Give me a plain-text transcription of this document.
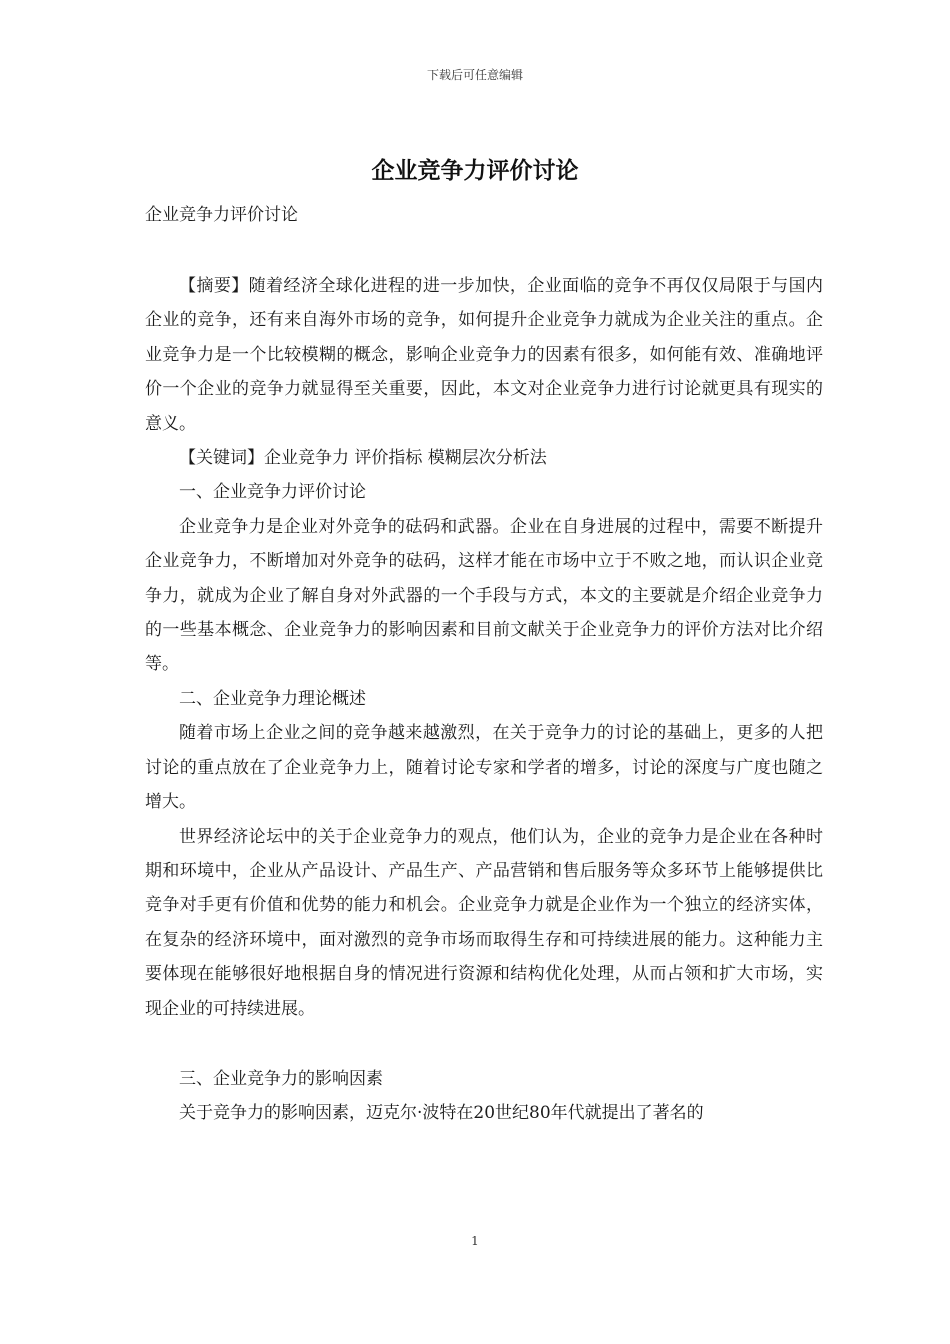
下载后可任意编辑
企业竞争力评价讨论
企业竞争力评价讨论

【摘要】随着经济全球化进程的进一步加快，企业面临的竞争不再仅仅局限于与国内企业的竞争，还有来自海外市场的竞争，如何提升企业竞争力就成为企业关注的重点。企业竞争力是一个比较模糊的概念，影响企业竞争力的因素有很多，如何能有效、准确地评价一个企业的竞争力就显得至关重要，因此，本文对企业竞争力进行讨论就更具有现实的意义。

【关键词】企业竞争力 评价指标 模糊层次分析法

一、企业竞争力评价讨论

企业竞争力是企业对外竞争的砝码和武器。企业在自身进展的过程中，需要不断提升企业竞争力，不断增加对外竞争的砝码，这样才能在市场中立于不败之地，而认识企业竞争力，就成为企业了解自身对外武器的一个手段与方式，本文的主要就是介绍企业竞争力的一些基本概念、企业竞争力的影响因素和目前文献关于企业竞争力的评价方法对比介绍等。

二、企业竞争力理论概述

随着市场上企业之间的竞争越来越激烈，在关于竞争力的讨论的基础上，更多的人把讨论的重点放在了企业竞争力上，随着讨论专家和学者的增多，讨论的深度与广度也随之增大。

世界经济论坛中的关于企业竞争力的观点，他们认为，企业的竞争力是企业在各种时期和环境中，企业从产品设计、产品生产、产品营销和售后服务等众多环节上能够提供比竞争对手更有价值和优势的能力和机会。企业竞争力就是企业作为一个独立的经济实体，在复杂的经济环境中，面对激烈的竞争市场而取得生存和可持续进展的能力。这种能力主要体现在能够很好地根据自身的情况进行资源和结构优化处理，从而占领和扩大市场，实现企业的可持续进展。

三、企业竞争力的影响因素

关于竞争力的影响因素，迈克尔·波特在20世纪80年代就提出了著名的

1
